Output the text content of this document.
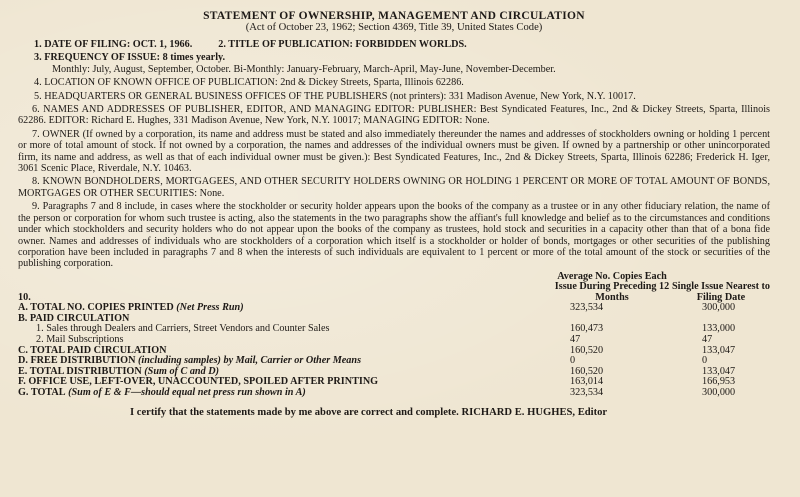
STATEMENT OF OWNERSHIP, MANAGEMENT AND CIRCULATION
(Act of October 23, 1962; Section 4369, Title 39, United States Code)
1. DATE OF FILING: OCT. 1, 1966.	2. TITLE OF PUBLICATION: FORBIDDEN WORLDS.
3. FREQUENCY OF ISSUE: 8 times yearly.
Monthly: July, August, September, October. Bi-Monthly: January-February, March-April, May-June, November-December.
4. LOCATION OF KNOWN OFFICE OF PUBLICATION: 2nd & Dickey Streets, Sparta, Illinois 62286.
5. HEADQUARTERS OR GENERAL BUSINESS OFFICES OF THE PUBLISHERS (not printers): 331 Madison Avenue, New York, N.Y. 10017.
6. NAMES AND ADDRESSES OF PUBLISHER, EDITOR, AND MANAGING EDITOR: PUBLISHER: Best Syndicated Features, Inc., 2nd & Dickey Streets, Sparta, Illinois 62286. EDITOR: Richard E. Hughes, 331 Madison Avenue, New York, N.Y. 10017; MANAGING EDITOR: None.
7. OWNER (If owned by a corporation, its name and address must be stated and also immediately thereunder the names and addresses of stockholders owning or holding 1 percent or more of total amount of stock. If not owned by a corporation, the names and addresses of the individual owners must be given. If owned by a partnership or other unincorporated firm, its name and address, as well as that of each individual owner must be given.): Best Syndicated Features, Inc., 2nd & Dickey Streets, Sparta, Illinois 62286; Frederick H. Iger, 3061 Scenic Place, Riverdale, N.Y. 10463.
8. KNOWN BONDHOLDERS, MORTGAGEES, AND OTHER SECURITY HOLDERS OWNING OR HOLDING 1 PERCENT OR MORE OF TOTAL AMOUNT OF BONDS, MORTGAGES OR OTHER SECURITIES: None.
9. Paragraphs 7 and 8 include, in cases where the stockholder or security holder appears upon the books of the company as a trustee or in any other fiduciary relation, the name of the person or corporation for whom such trustee is acting, also the statements in the two paragraphs show the affiant's full knowledge and belief as to the circumstances and conditions under which stockholders and security holders who do not appear upon the books of the company as trustees, hold stock and securities in a capacity other than that of a bona fide owner. Names and addresses of individuals who are stockholders of a corporation which itself is a stockholder or holder of bonds, mortgages or other securities of the publishing corporation have been included in paragraphs 7 and 8 when the interests of such individuals are equivalent to 1 percent or more of the total amount of the stock or securities of the publishing corporation.
10.
Average No. Copies Each Issue During Preceding 12 Months
Single Issue Nearest to Filing Date
A. TOTAL NO. COPIES PRINTED (Net Press Run)	323,534	300,000
B. PAID CIRCULATION
1. Sales through Dealers and Carriers, Street Vendors and Counter Sales	160,473	133,000
2. Mail Subscriptions	47	47
C. TOTAL PAID CIRCULATION	160,520	133,047
D. FREE DISTRIBUTION (including samples) by Mail, Carrier or Other Means	0	0
E. TOTAL DISTRIBUTION (Sum of C and D)	160,520	133,047
F. OFFICE USE, LEFT-OVER, UNACCOUNTED, SPOILED AFTER PRINTING	163,014	166,953
G. TOTAL (Sum of E & F—should equal net press run shown in A)	323,534	300,000
I certify that the statements made by me above are correct and complete. RICHARD E. HUGHES, Editor
